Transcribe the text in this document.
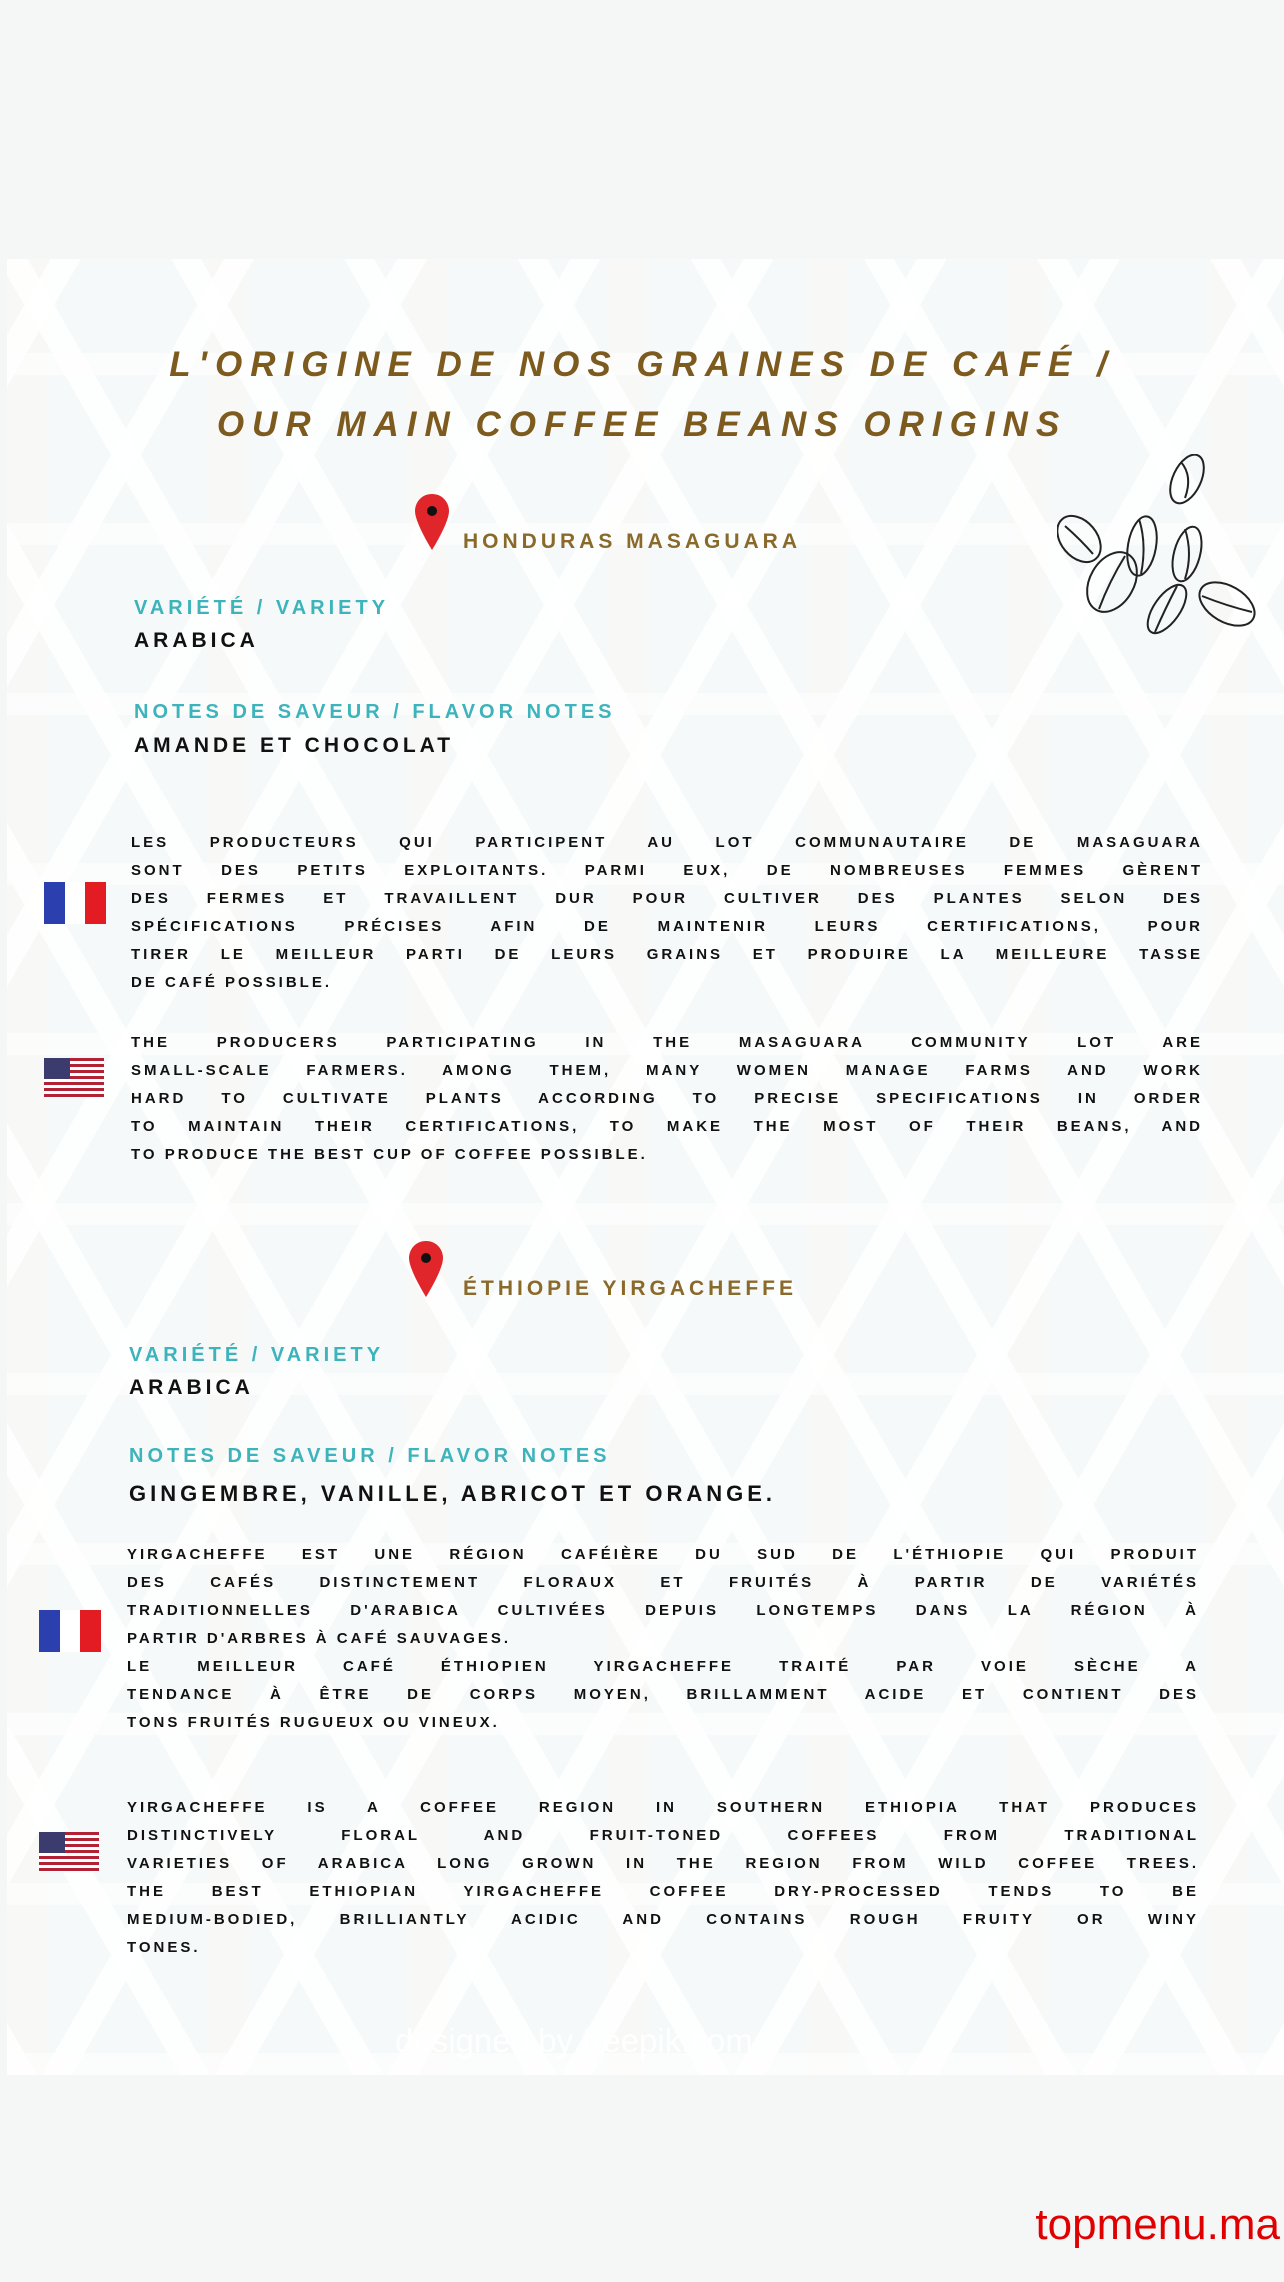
L'ORIGINE DE NOS GRAINES DE CAFÉ /
OUR MAIN COFFEE BEANS ORIGINS
HONDURAS MASAGUARA
VARIÉTÉ / VARIETY
ARABICA
NOTES DE SAVEUR / FLAVOR NOTES
AMANDE ET CHOCOLAT
LES PRODUCTEURS QUI PARTICIPENT AU LOT COMMUNAUTAIRE DE MASAGUARA
SONT DES PETITS EXPLOITANTS. PARMI EUX, DE NOMBREUSES FEMMES GÈRENT
DES FERMES ET TRAVAILLENT DUR POUR CULTIVER DES PLANTES SELON DES
SPÉCIFICATIONS PRÉCISES AFIN DE MAINTENIR LEURS CERTIFICATIONS, POUR
TIRER LE MEILLEUR PARTI DE LEURS GRAINS ET PRODUIRE LA MEILLEURE TASSE
DE CAFÉ POSSIBLE.
THE PRODUCERS PARTICIPATING IN THE MASAGUARA COMMUNITY LOT ARE
SMALL-SCALE FARMERS. AMONG THEM, MANY WOMEN MANAGE FARMS AND WORK
HARD TO CULTIVATE PLANTS ACCORDING TO PRECISE SPECIFICATIONS IN ORDER
TO MAINTAIN THEIR CERTIFICATIONS, TO MAKE THE MOST OF THEIR BEANS, AND
TO PRODUCE THE BEST CUP OF COFFEE POSSIBLE.
ÉTHIOPIE YIRGACHEFFE
VARIÉTÉ / VARIETY
ARABICA
NOTES DE SAVEUR / FLAVOR NOTES
GINGEMBRE, VANILLE, ABRICOT ET ORANGE.
YIRGACHEFFE EST UNE RÉGION CAFÉIÈRE DU SUD DE L'ÉTHIOPIE QUI PRODUIT
DES CAFÉS DISTINCTEMENT FLORAUX ET FRUITÉS À PARTIR DE VARIÉTÉS
TRADITIONNELLES D'ARABICA CULTIVÉES DEPUIS LONGTEMPS DANS LA RÉGION À
PARTIR D'ARBRES À CAFÉ SAUVAGES.
LE MEILLEUR CAFÉ ÉTHIOPIEN YIRGACHEFFE TRAITÉ PAR VOIE SÈCHE A
TENDANCE À ÊTRE DE CORPS MOYEN, BRILLAMMENT ACIDE ET CONTIENT DES
TONS FRUITÉS RUGUEUX OU VINEUX.
YIRGACHEFFE IS A COFFEE REGION IN SOUTHERN ETHIOPIA THAT PRODUCES
DISTINCTIVELY FLORAL AND FRUIT-TONED COFFEES FROM TRADITIONAL
VARIETIES OF ARABICA LONG GROWN IN THE REGION FROM WILD COFFEE TREES.
THE BEST ETHIOPIAN YIRGACHEFFE COFFEE DRY-PROCESSED TENDS TO BE
MEDIUM-BODIED, BRILLIANTLY ACIDIC AND CONTAINS ROUGH FRUITY OR WINY
TONES.
designed by freepik.com
topmenu.ma
